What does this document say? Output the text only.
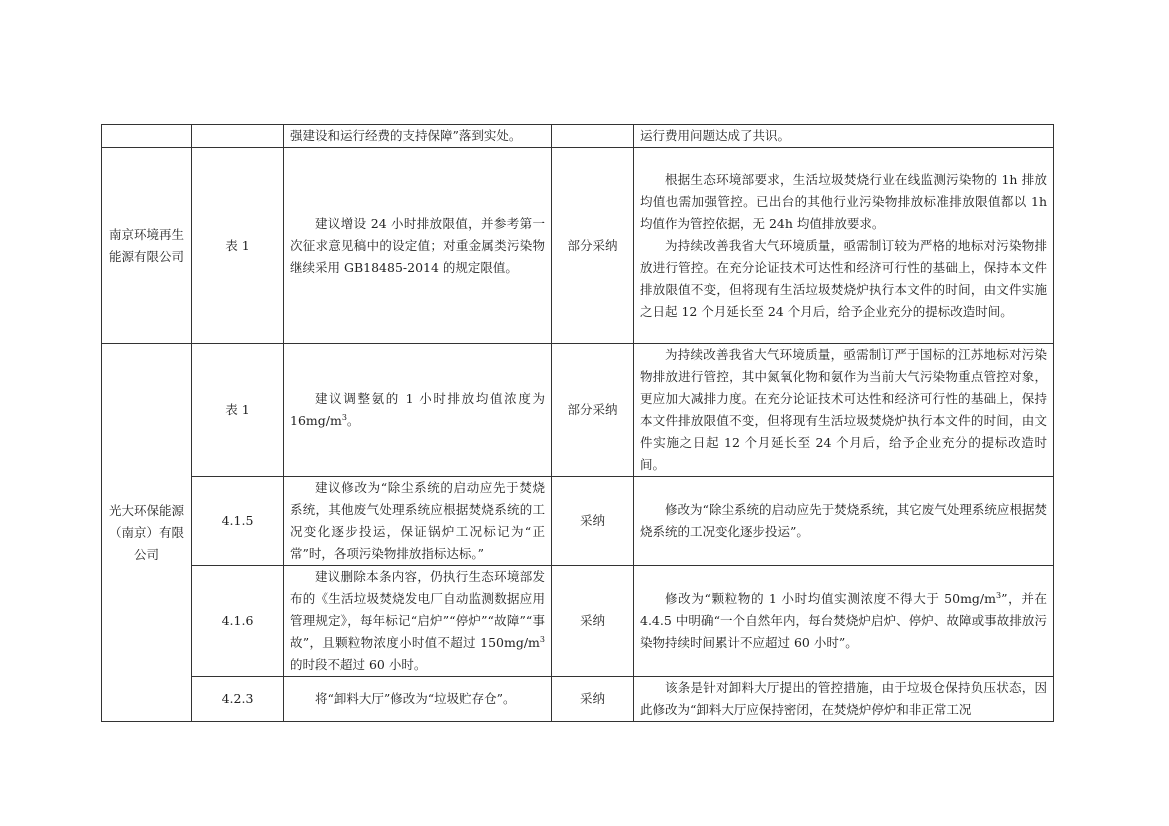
		强建设和运行经费的支持保障”落到实处。		运行费用问题达成了共识。

南京环境再生能源有限公司	表 1	建议增设 24 小时排放限值，并参考第一次征求意见稿中的设定值；对重金属类污染物继续采用 GB18485-2014 的规定限值。	部分采纳	根据生态环境部要求，生活垃圾焚烧行业在线监测污染物的 1h 排放均值也需加强管控。已出台的其他行业污染物排放标准排放限值都以 1h 均值作为管控依据，无 24h 均值排放要求。

为持续改善我省大气环境质量，亟需制订较为严格的地标对污染物排放进行管控。在充分论证技术可达性和经济可行性的基础上，保持本文件排放限值不变，但将现有生活垃圾焚烧炉执行本文件的时间，由文件实施之日起 12 个月延长至 24 个月后，给予企业充分的提标改造时间。

光大环保能源（南京）有限公司	表 1	建议调整氨的 1 小时排放均值浓度为 $16mg/m^3$。	部分采纳	为持续改善我省大气环境质量，亟需制订严于国标的江苏地标对污染物排放进行管控，其中氮氧化物和氨作为当前大气污染物重点管控对象，更应加大减排力度。在充分论证技术可达性和经济可行性的基础上，保持本文件排放限值不变，但将现有生活垃圾焚烧炉执行本文件的时间，由文件实施之日起 12 个月延长至 24 个月后，给予企业充分的提标改造时间。

	4.1.5	建议修改为“除尘系统的启动应先于焚烧系统，其他废气处理系统应根据焚烧系统的工况变化逐步投运，保证锅炉工况标记为“正常”时，各项污染物排放指标达标。”	采纳	修改为“除尘系统的启动应先于焚烧系统，其它废气处理系统应根据焚烧系统的工况变化逐步投运”。

	4.1.6	建议删除本条内容，仍执行生态环境部发布的《生活垃圾焚烧发电厂自动监测数据应用管理规定》，每年标记“启炉”“停炉”“故障”“事故”，且颗粒物浓度小时值不超过 $150mg/m^3$ 的时段不超过 60 小时。	采纳	修改为“颗粒物的 1 小时均值实测浓度不得大于 $50mg/m^3$”，并在 4.4.5 中明确“一个自然年内，每台焚烧炉启炉、停炉、故障或事故排放污染物持续时间累计不应超过 60 小时”。

	4.2.3	将“卸料大厅”修改为“垃圾贮存仓”。	采纳	该条是针对卸料大厅提出的管控措施，由于垃圾仓保持负压状态，因此修改为“卸料大厅应保持密闭，在焚烧炉停炉和非正常工况
